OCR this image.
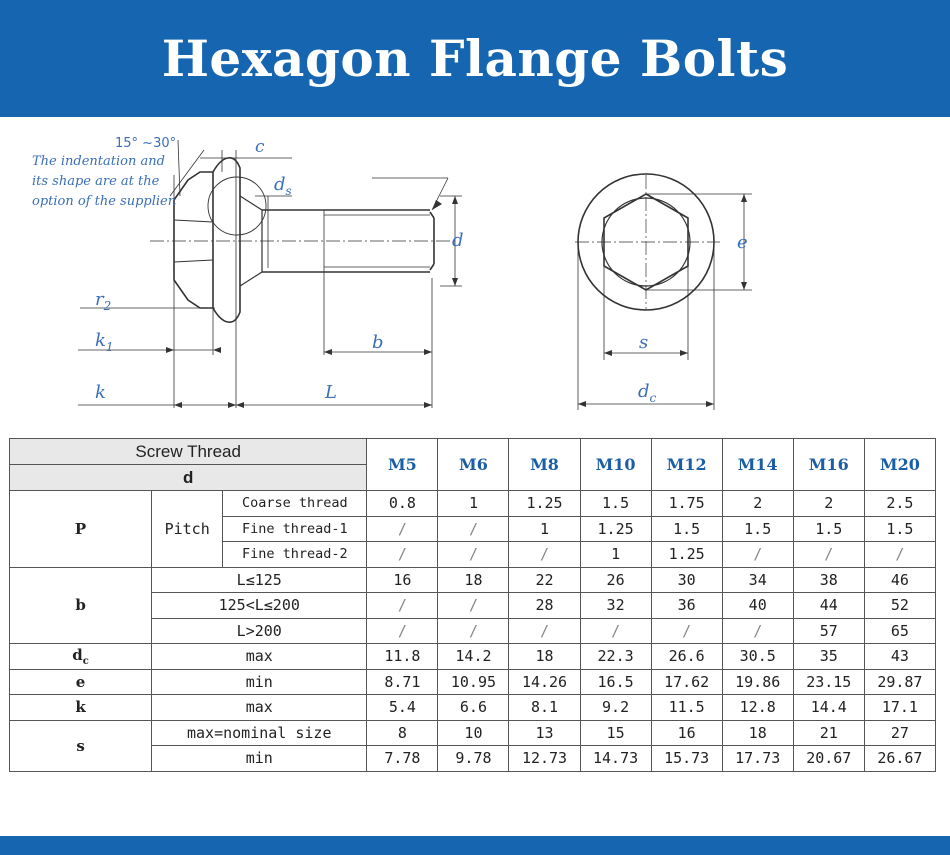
Hexagon Flange Bolts
15° ~30°
The indentation and
its shape are at the
option of the supplier.
c
$d_s$
d
$r_2$
$k_1$	b
k	L
e
s
$d_c$
Screw Thread			M5	M6	M8	M10	M12	M14	M16	M20
d										
P	Pitch	Coarse thread	0.8	1	1.25	1.5	1.75	2	2	2.5
		Fine thread-1	/	/	1	1.25	1.5	1.5	1.5	1.5
		Fine thread-2	/	/	/	1	1.25	/	/	/
b	L≤125		16	18	22	26	30	34	38	46
	125<L≤200		/	/	28	32	36	40	44	52
	L>200		/	/	/	/	/	/	57	65
$d_c$	max		11.8	14.2	18	22.3	26.6	30.5	35	43
e	min		8.71	10.95	14.26	16.5	17.62	19.86	23.15	29.87
k	max		5.4	6.6	8.1	9.2	11.5	12.8	14.4	17.1
s	max=nominal size		8	10	13	15	16	18	21	27
	min		7.78	9.78	12.73	14.73	15.73	17.73	20.67	26.67
